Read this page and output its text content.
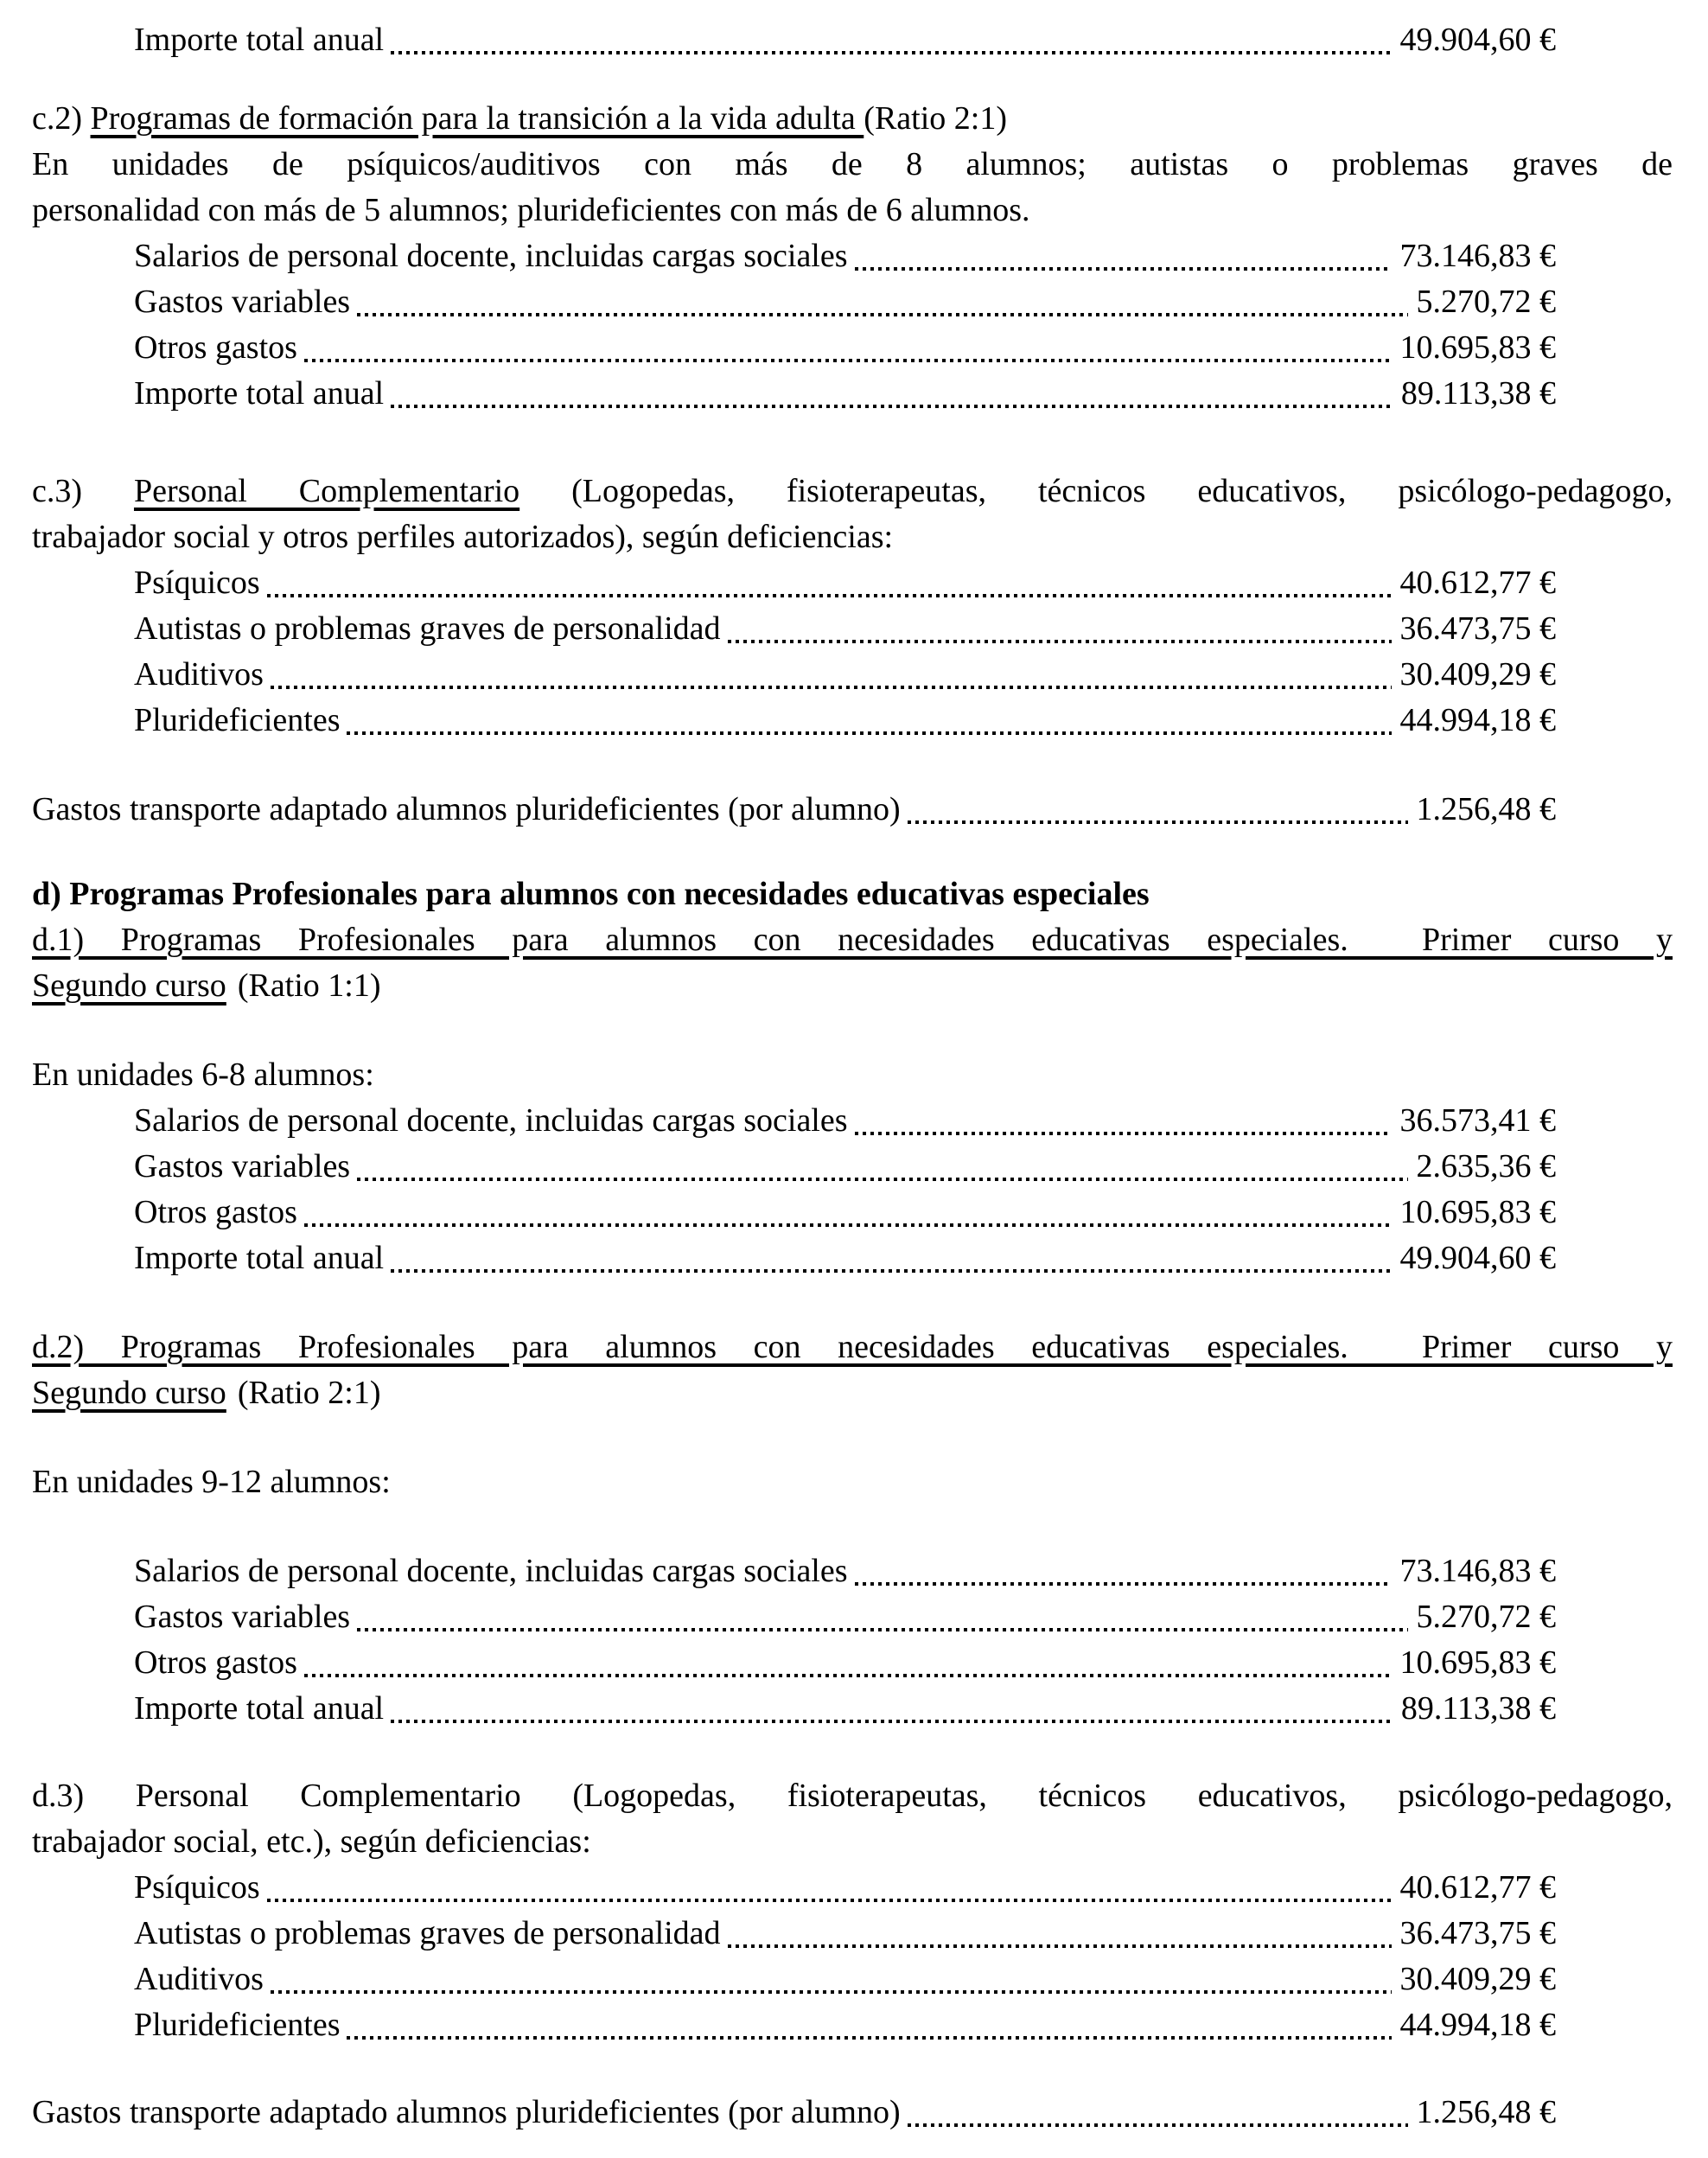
Importe total anual	49.904,60 €
c.2) Programas de formación para la transición a la vida adulta (Ratio 2:1)
En unidades de psíquicos/auditivos con más de 8 alumnos; autistas o problemas graves de
personalidad con más de 5 alumnos; plurideficientes con más de 6 alumnos.
Salarios de personal docente, incluidas cargas sociales	73.146,83 €
Gastos variables	5.270,72 €
Otros gastos	10.695,83 €
Importe total anual	89.113,38 €
c.3) Personal Complementario (Logopedas, fisioterapeutas, técnicos educativos, psicólogo-pedagogo,
trabajador social y otros perfiles autorizados), según deficiencias:
Psíquicos	40.612,77 €
Autistas o problemas graves de personalidad	36.473,75 €
Auditivos	30.409,29 €
Plurideficientes	44.994,18 €
Gastos transporte adaptado alumnos plurideficientes (por alumno)	1.256,48 €
d) Programas Profesionales para alumnos con necesidades educativas especiales
d.1) Programas Profesionales para alumnos con necesidades educativas especiales.  Primer curso y
Segundo curso (Ratio 1:1)
En unidades 6-8 alumnos:
Salarios de personal docente, incluidas cargas sociales	36.573,41 €
Gastos variables	2.635,36 €
Otros gastos	10.695,83 €
Importe total anual	49.904,60 €
d.2) Programas Profesionales para alumnos con necesidades educativas especiales.  Primer curso y
Segundo curso (Ratio 2:1)
En unidades 9-12 alumnos:
Salarios de personal docente, incluidas cargas sociales	73.146,83 €
Gastos variables	5.270,72 €
Otros gastos	10.695,83 €
Importe total anual	89.113,38 €
d.3) Personal Complementario (Logopedas, fisioterapeutas, técnicos educativos, psicólogo-pedagogo,
trabajador social, etc.), según deficiencias:
Psíquicos	40.612,77 €
Autistas o problemas graves de personalidad	36.473,75 €
Auditivos	30.409,29 €
Plurideficientes	44.994,18 €
Gastos transporte adaptado alumnos plurideficientes (por alumno)	1.256,48 €
